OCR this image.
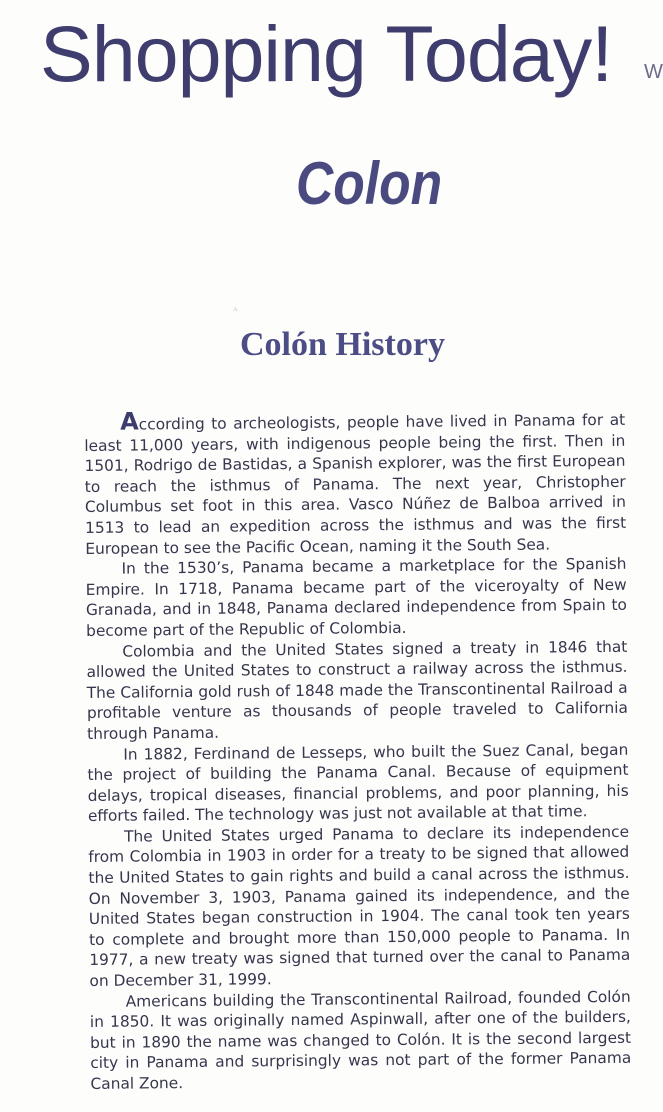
Shopping Today! W
Colon
ᴬ
Colón History

According to archeologists, people have lived in Panama for at least 11,000 years, with indigenous people being the first. Then in 1501, Rodrigo de Bastidas, a Spanish explorer, was the first European to reach the isthmus of Panama. The next year, Christopher Columbus set foot in this area. Vasco Núñez de Balboa arrived in 1513 to lead an expedition across the isthmus and was the first European to see the Pacific Ocean, naming it the South Sea.

In the 1530’s, Panama became a marketplace for the Spanish Empire. In 1718, Panama became part of the viceroyalty of New Granada, and in 1848, Panama declared independence from Spain to become part of the Republic of Colombia.

Colombia and the United States signed a treaty in 1846 that allowed the United States to construct a railway across the isthmus. The California gold rush of 1848 made the Transcontinental Railroad a profitable venture as thousands of people traveled to California through Panama.

In 1882, Ferdinand de Lesseps, who built the Suez Canal, began the project of building the Panama Canal. Because of equipment delays, tropical diseases, financial problems, and poor planning, his efforts failed. The technology was just not available at that time.

The United States urged Panama to declare its independence from Colombia in 1903 in order for a treaty to be signed that allowed the United States to gain rights and build a canal across the isthmus. On November 3, 1903, Panama gained its independence, and the United States began construction in 1904. The canal took ten years to complete and brought more than 150,000 people to Panama. In 1977, a new treaty was signed that turned over the canal to Panama on December 31, 1999.

Americans building the Transcontinental Railroad, founded Colón in 1850. It was originally named Aspinwall, after one of the builders, but in 1890 the name was changed to Colón. It is the second largest city in Panama and surprisingly was not part of the former Panama Canal Zone.
